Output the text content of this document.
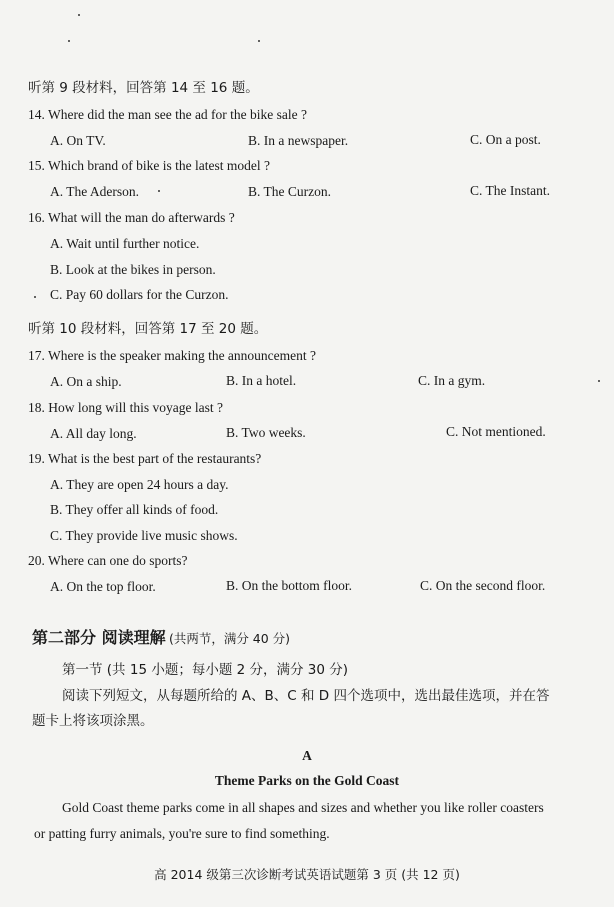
听第 9 段材料，回答第 14 至 16 题。
14. Where did the man see the ad for the bike sale ?
A. On TV.	B. In a newspaper.	C. On a post.
15. Which brand of bike is the latest model ?
A. The Aderson.	B. The Curzon.	C. The Instant.
16. What will the man do afterwards ?
A. Wait until further notice.
B. Look at the bikes in person.
C. Pay 60 dollars for the Curzon.
听第 10 段材料，回答第 17 至 20 题。
17. Where is the speaker making the announcement ?
A. On a ship.	B. In a hotel.	C. In a gym.
18. How long will this voyage last ?
A. All day long.	B. Two weeks.	C. Not mentioned.
19. What is the best part of the restaurants?
A. They are open 24 hours a day.
B. They offer all kinds of food.
C. They provide live music shows.
20. Where can one do sports?
A. On the top floor.	B. On the bottom floor.	C. On the second floor.
第二部分 阅读理解 (共两节，满分 40 分)
第一节 (共 15 小题；每小题 2 分，满分 30 分)
阅读下列短文，从每题所给的 A、B、C 和 D 四个选项中，选出最佳选项，并在答
题卡上将该项涂黑。
A
Theme Parks on the Gold Coast
Gold Coast theme parks come in all shapes and sizes and whether you like roller coasters
or patting furry animals, you're sure to find something.
高 2014 级第三次诊断考试英语试题第 3 页 (共 12 页)
